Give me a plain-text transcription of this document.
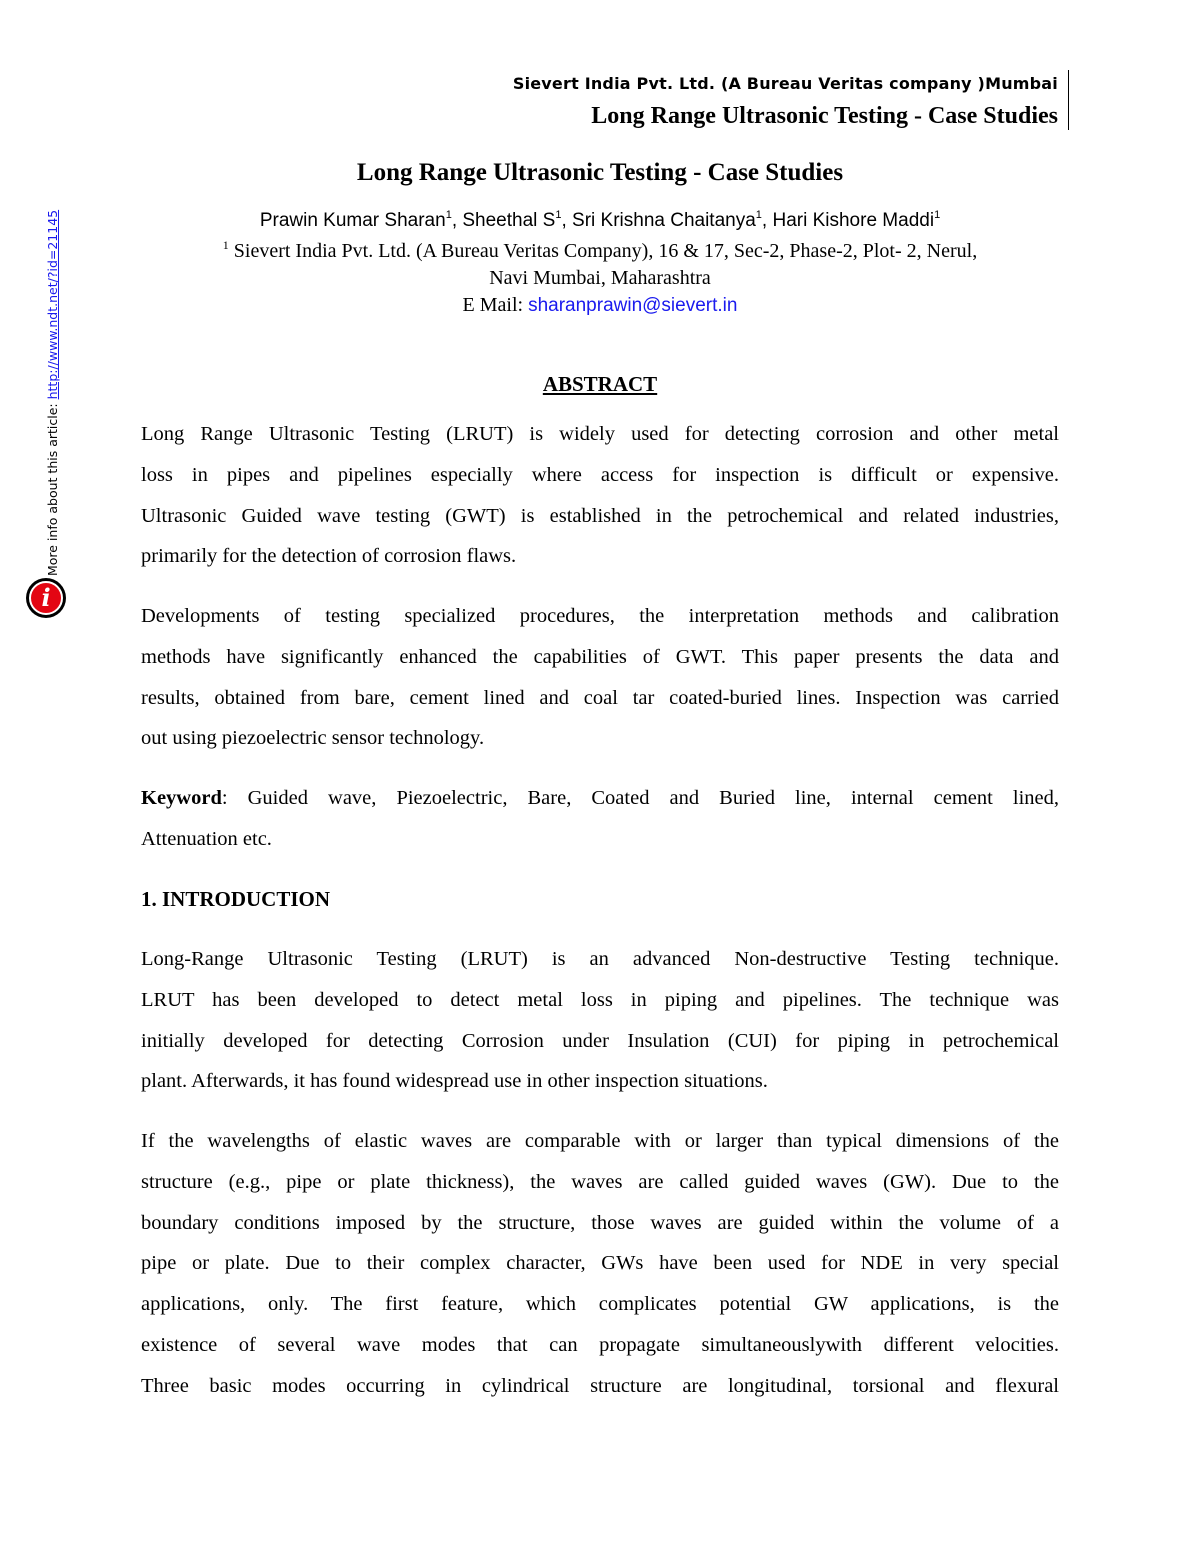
Sievert India Pvt. Ltd. (A Bureau Veritas company )Mumbai
Long Range Ultrasonic Testing - Case Studies
More info about this article: http://www.ndt.net/?id=21145
i
Long Range Ultrasonic Testing - Case Studies
Prawin Kumar Sharan$^1$, Sheethal $S^1$, Sri Krishna Chaitanya$^1$, Hari Kishore Maddi$^1$
$^1$ Sievert India Pvt. Ltd. (A Bureau Veritas Company), 16 & 17, Sec-2, Phase-2, Plot- 2, Nerul,
Navi Mumbai, Maharashtra
E Mail: sharanprawin@sievert.in
ABSTRACT
Long Range Ultrasonic Testing (LRUT) is widely used for detecting corrosion and other metal
loss in pipes and pipelines especially where access for inspection is difficult or expensive.
Ultrasonic Guided wave testing (GWT) is established in the petrochemical and related industries,
primarily for the detection of corrosion flaws.
Developments of testing specialized procedures, the interpretation methods and calibration
methods have significantly enhanced the capabilities of GWT. This paper presents the data and
results, obtained from bare, cement lined and coal tar coated-buried lines. Inspection was carried
out using piezoelectric sensor technology.
Keyword: Guided wave, Piezoelectric, Bare, Coated and Buried line, internal cement lined,
Attenuation etc.
1. INTRODUCTION
Long-Range Ultrasonic Testing (LRUT) is an advanced Non-destructive Testing technique.
LRUT has been developed to detect metal loss in piping and pipelines. The technique was
initially developed for detecting Corrosion under Insulation (CUI) for piping in petrochemical
plant. Afterwards, it has found widespread use in other inspection situations.
If the wavelengths of elastic waves are comparable with or larger than typical dimensions of the
structure (e.g., pipe or plate thickness), the waves are called guided waves (GW). Due to the
boundary conditions imposed by the structure, those waves are guided within the volume of a
pipe or plate. Due to their complex character, GWs have been used for NDE in very special
applications, only. The first feature, which complicates potential GW applications, is the
existence of several wave modes that can propagate simultaneouslywith different velocities.
Three basic modes occurring in cylindrical structure are longitudinal, torsional and flexural
